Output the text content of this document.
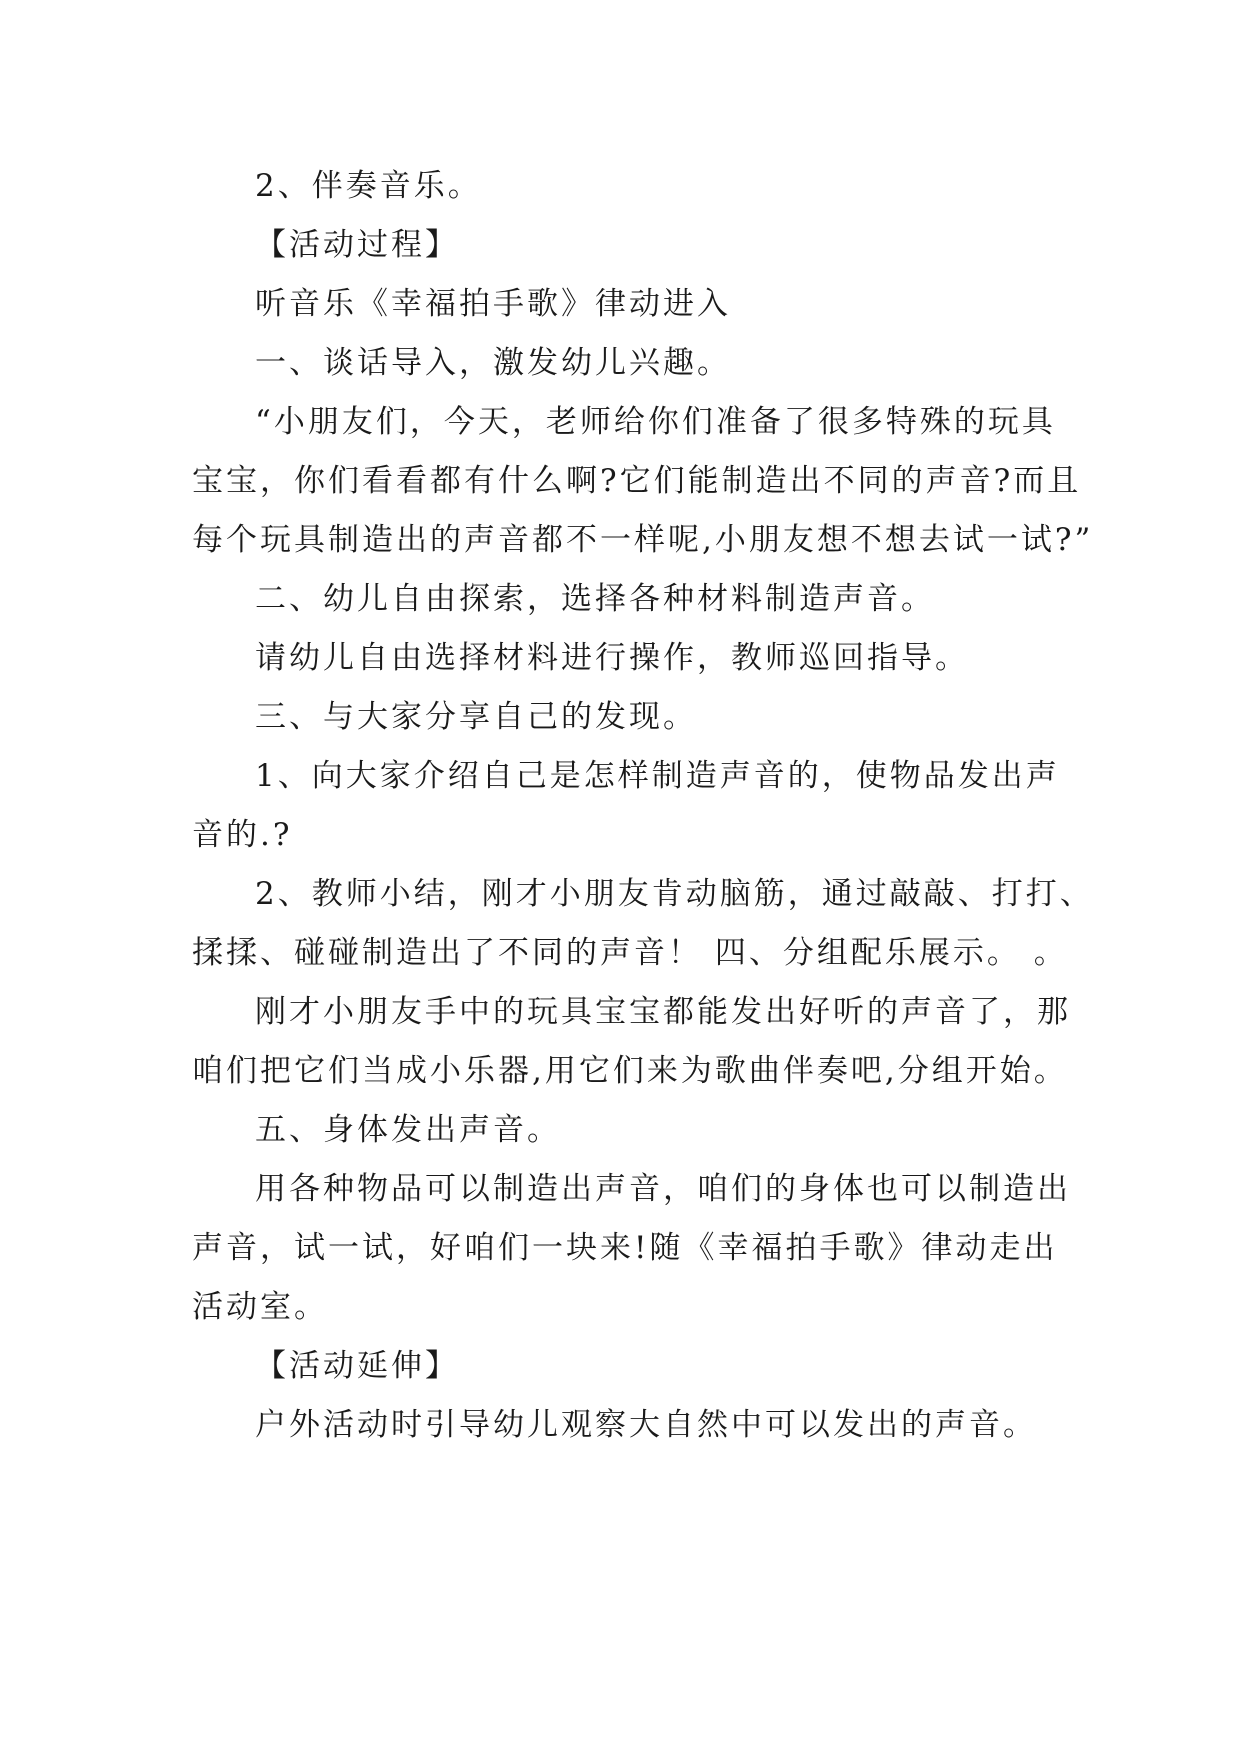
2、伴奏音乐。
【活动过程】
听音乐《幸福拍手歌》律动进入
一、谈话导入，激发幼儿兴趣。
“小朋友们，今天，老师给你们准备了很多特殊的玩具
宝宝，你们看看都有什么啊?它们能制造出不同的声音?而且
每个玩具制造出的声音都不一样呢,小朋友想不想去试一试?”
二、幼儿自由探索，选择各种材料制造声音。
请幼儿自由选择材料进行操作，教师巡回指导。
三、与大家分享自己的发现。
1、向大家介绍自己是怎样制造声音的，使物品发出声
音的.?
2、教师小结，刚才小朋友肯动脑筋，通过敲敲、打打、
揉揉、碰碰制造出了不同的声音！ 四、分组配乐展示。 。
刚才小朋友手中的玩具宝宝都能发出好听的声音了，那
咱们把它们当成小乐器,用它们来为歌曲伴奏吧,分组开始。
五、身体发出声音。
用各种物品可以制造出声音，咱们的身体也可以制造出
声音，试一试，好咱们一块来!随《幸福拍手歌》律动走出
活动室。
【活动延伸】
户外活动时引导幼儿观察大自然中可以发出的声音。
